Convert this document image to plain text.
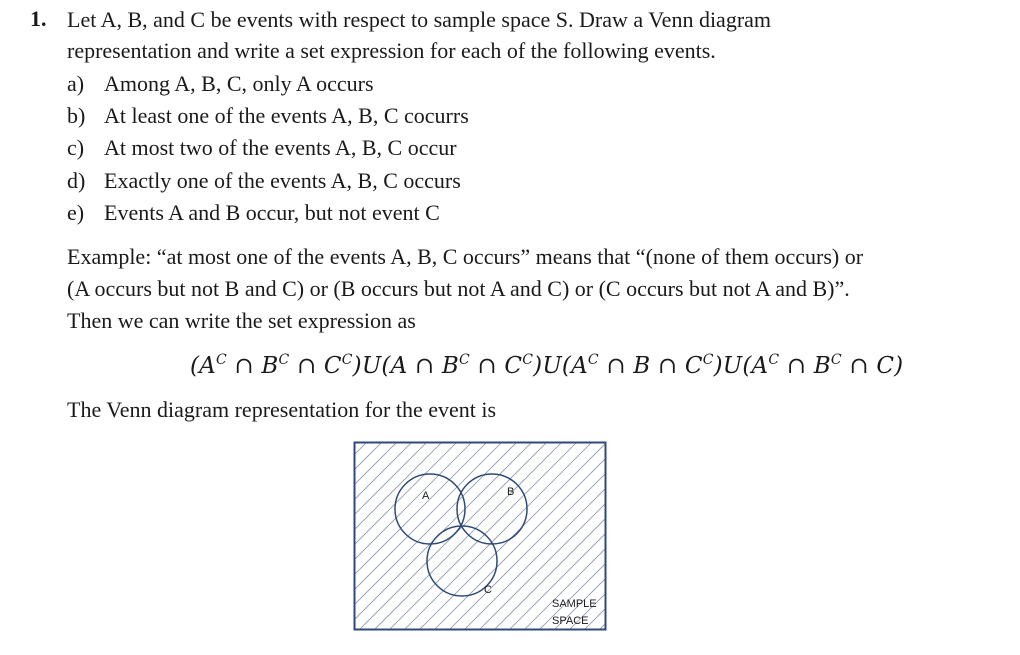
1. Let A, B, and C be events with respect to sample space S. Draw a Venn diagram
representation and write a set expression for each of the following events.
a) Among A, B, C, only A occurs
b) At least one of the events A, B, C cocurrs
c) At most two of the events A, B, C occur
d) Exactly one of the events A, B, C occurs
e) Events A and B occur, but not event C
Example: “at most one of the events A, B, C occurs” means that “(none of them occurs) or
(A occurs but not B and C) or (B occurs but not A and C) or (C occurs but not A and B)”.
Then we can write the set expression as
($A^C$ ∩ $B^C$ ∩ $C^C)U(A$ ∩ $B^C$ ∩ $C^C)U(A^C$ ∩ B ∩ $C^C)U(A^C$ ∩ $B^C$ ∩ C)
The Venn diagram representation for the event is
A	B
C
SAMPLE
SPACE
